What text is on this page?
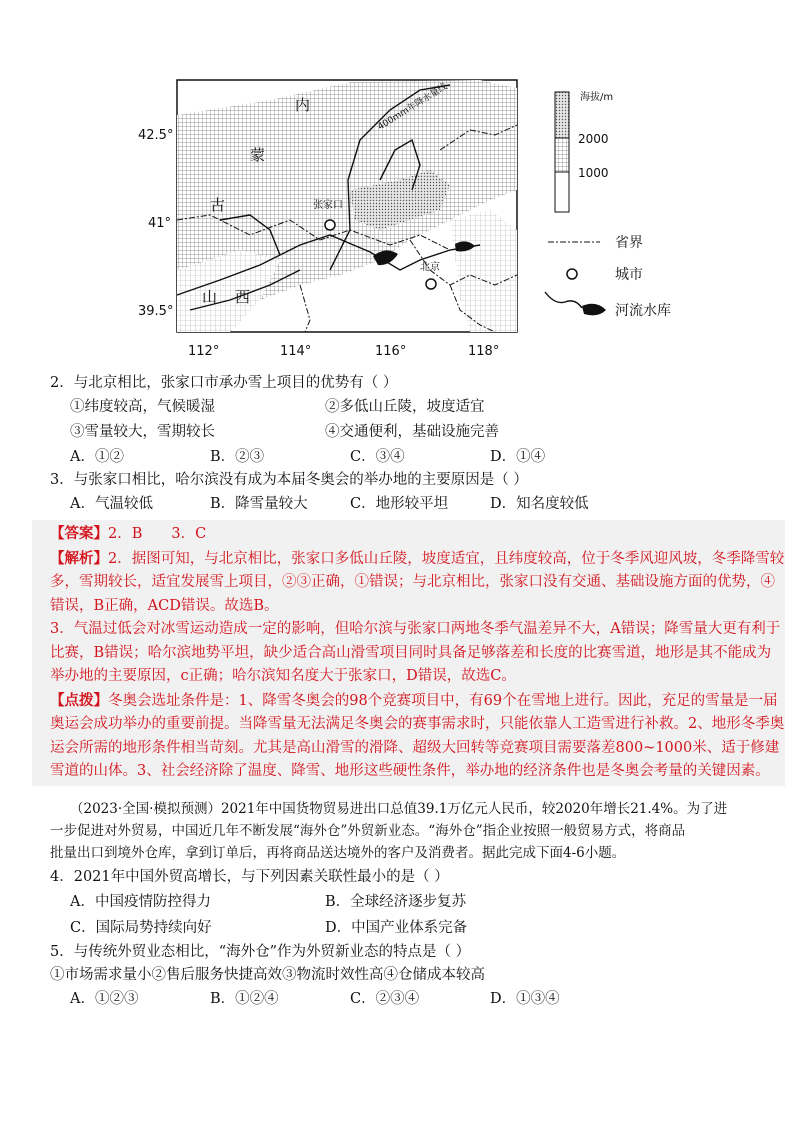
400mm年降水量线
张家口
北京
内
蒙
古
山 西
42.5°
41°
39.5°
112°	114°	116°	118°
海拔/m
2000
1000
省界
城市
河流水库

2．与北京相比，张家口市承办雪上项目的优势有（ ）

①纬度较高，气候暖湿	②多低山丘陵，坡度适宜
③雪量较大，雪期较长	④交通便利，基础设施完善
A．①②	B．②③	C．③④	D．①④

3．与张家口相比，哈尔滨没有成为本届冬奥会的举办地的主要原因是（ ）

A．气温较低	B．降雪量较大	C．地形较平坦	D．知名度较低

【答案】2．B　　3．C

【解析】2．据图可知，与北京相比，张家口多低山丘陵，坡度适宜，且纬度较高，位于冬季风迎风坡，冬季降雪较多，雪期较长，适宜发展雪上项目，②③正确，①错误；与北京相比，张家口没有交通、基础设施方面的优势，④错误，B正确，ACD错误。故选B。

3．气温过低会对冰雪运动造成一定的影响，但哈尔滨与张家口两地冬季气温差异不大，A错误；降雪量大更有利于比赛，B错误；哈尔滨地势平坦，缺少适合高山滑雪项目同时具备足够落差和长度的比赛雪道，地形是其不能成为举办地的主要原因，c正确；哈尔滨知名度大于张家口，D错误，故选C。

【点拨】冬奥会选址条件是：1、降雪冬奥会的98个竞赛项目中，有69个在雪地上进行。因此，充足的雪量是一届奥运会成功举办的重要前提。当降雪量无法满足冬奥会的赛事需求时，只能依靠人工造雪进行补救。2、地形冬季奥运会所需的地形条件相当苛刻。尤其是高山滑雪的滑降、超级大回转等竞赛项目需要落差800~1000米、适于修建雪道的山体。3、社会经济除了温度、降雪、地形这些硬性条件，举办地的经济条件也是冬奥会考量的关键因素。

（2023·全国·模拟预测）2021年中国货物贸易进出口总值39.1万亿元人民币，较2020年增长21.4%。为了进
一步促进对外贸易，中国近几年不断发展“海外仓”外贸新业态。“海外仓”指企业按照一般贸易方式，将商品
批量出口到境外仓库，拿到订单后，再将商品送达境外的客户及消费者。据此完成下面4-6小题。

4．2021年中国外贸高增长，与下列因素关联性最小的是（ ）

A．中国疫情防控得力	B．全球经济逐步复苏
C．国际局势持续向好	D．中国产业体系完备

5．与传统外贸业态相比，“海外仓”作为外贸新业态的特点是（ ）

①市场需求量小②售后服务快捷高效③物流时效性高④仓储成本较高

A．①②③	B．①②④	C．②③④	D．①③④
